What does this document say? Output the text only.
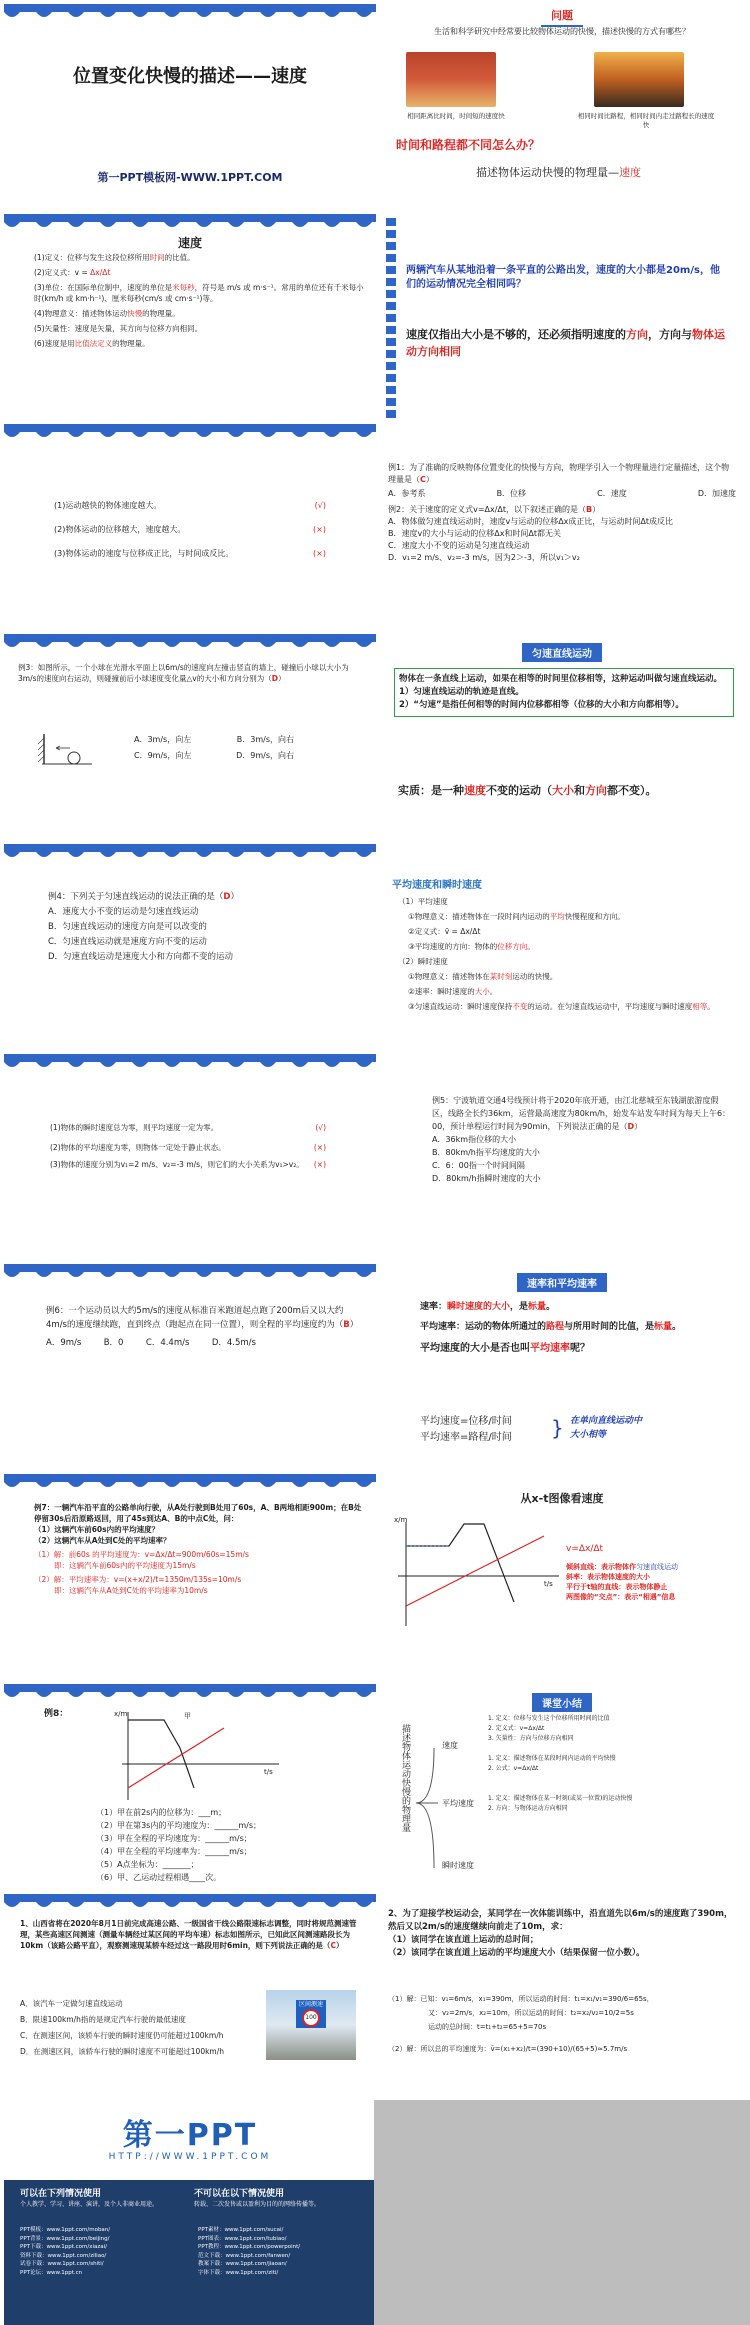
位置变化快慢的描述——速度
第一PPT模板网-WWW.1PPT.COM
问题
生活和科学研究中经常要比较物体运动的快慢，描述快慢的方式有哪些？
相同距离比时间，时间短的速度快	相同时间比路程，相同时间内走过路程长的速度快
时间和路程都不同怎么办？
描述物体运动快慢的物理量—速度
速度
(1)定义：位移与发生这段位移所用时间的比值。
(2)定义式：v = Δx/Δt
(3)单位：在国际单位制中，速度的单位是米每秒，符号是 m/s 或 m·s⁻¹。常用的单位还有千米每小时(km/h 或 km·h⁻¹)、厘米每秒(cm/s 或 cm·s⁻¹)等。
(4)物理意义：描述物体运动快慢的物理量。
(5)矢量性：速度是矢量，其方向与位移方向相同。
(6)速度是用比值法定义的物理量。
两辆汽车从某地沿着一条平直的公路出发，速度的大小都是20m/s，他们的运动情况完全相同吗？
速度仅指出大小是不够的，还必须指明速度的方向，方向与物体运动方向相同
(1)运动越快的物体速度越大。	(√)
(2)物体运动的位移越大，速度越大。	(×)
(3)物体运动的速度与位移成正比，与时间成反比。	(×)
例1：为了准确的反映物体位置变化的快慢与方向，物理学引入一个物理量进行定量描述，这个物理量是（C）
A．参考系	B．位移	C．速度	D．加速度
例2：关于速度的定义式v=Δx/Δt，以下叙述正确的是（B）
A．物体做匀速直线运动时，速度v与运动的位移Δx成正比，与运动时间Δt成反比
B．速度v的大小与运动的位移Δx和时间Δt都无关
C．速度大小不变的运动是匀速直线运动
D．v₁=2 m/s、v₂=-3 m/s，因为2＞-3，所以v₁＞v₂
例3：如图所示，一个小球在光滑水平面上以6m/s的速度向左撞击竖直的墙上，碰撞后小球以大小为3m/s的速度向右运动，则碰撞前后小球速度变化量△v的大小和方向分别为（D）
A．3m/s，向左	B．3m/s，向右
C．9m/s，向左	D．9m/s，向右
匀速直线运动
物体在一条直线上运动，如果在相等的时间里位移相等，这种运动叫做匀速直线运动。
1）匀速直线运动的轨迹是直线。
2）“匀速”是指任何相等的时间内位移都相等（位移的大小和方向都相等）。
实质：是一种速度不变的运动（大小和方向都不变）。
例4：下列关于匀速直线运动的说法正确的是（D）
A．速度大小不变的运动是匀速直线运动
B．匀速直线运动的速度方向是可以改变的
C．匀速直线运动就是速度方向不变的运动
D．匀速直线运动是速度大小和方向都不变的运动
平均速度和瞬时速度
（1）平均速度
①物理意义：描述物体在一段时间内运动的平均快慢程度和方向。
②定义式：v̄ = Δx/Δt
③平均速度的方向：物体的位移方向。
（2）瞬时速度
①物理意义：描述物体在某时刻运动的快慢。
②速率：瞬时速度的大小。
③匀速直线运动：瞬时速度保持不变的运动。在匀速直线运动中，平均速度与瞬时速度相等。
(1)物体的瞬时速度总为零，则平均速度一定为零。	(√)
(2)物体的平均速度为零，则物体一定处于静止状态。	(×)
(3)物体的速度分别为v₁=2 m/s、v₂=-3 m/s，则它们的大小关系为v₁>v₂。 (×)
例5：宁波轨道交通4号线预计将于2020年底开通，由江北慈城至东钱湖旅游度假区，线路全长约36km，运营最高速度为80km/h，始发车站发车时间为每天上午6：00，预计单程运行时间为90min，下列说法正确的是（D）
A．36km指位移的大小
B．80km/h指平均速度的大小
C．6：00指一个时间间隔
D．80km/h指瞬时速度的大小
例6：一个运动员以大约5m/s的速度从标准百米跑道起点跑了200m后又以大约4m/s的速度继续跑，直到终点（跑起点在同一位置），则全程的平均速度约为（B）
A．9m/s	B．0	C．4.4m/s	D．4.5m/s
速率和平均速率
速率：瞬时速度的大小，是标量。
平均速率：运动的物体所通过的路程与所用时间的比值，是标量。
平均速度的大小是否也叫平均速率呢？
平均速度=位移/时间
平均速率=路程/时间 } 在单向直线运动中
大小相等
例7：一辆汽车沿平直的公路单向行驶，从A处行驶到B处用了60s，A、B两地相距900m；在B处停留30s后沿原路返回，用了45s到达A、B的中点C处，问：
（1）这辆汽车前60s内的平均速度？
（2）这辆汽车从A处到C处的平均速率？
（1）解：前60s 的平均速度为：v=Δx/Δt=900m/60s=15m/s
即：这辆汽车前60s内的平均速度为15m/s
（2）解：平均速率为：v=(x+x/2)/t=1350m/135s=10m/s
即：这辆汽车从A处到C处的平均速率为10m/s
从x-t图像看速度
x/m
t/s
v=Δx/Δt
倾斜直线：表示物体作匀速直线运动
斜率：表示物体速度的大小
平行于t轴的直线：表示物体静止
两图像的“交点”：表示“相遇”信息
例8：	x/m
t/s
甲
（1）甲在前2s内的位移为：___m；
（2）甲在第3s内的平均速度为：______m/s；
（3）甲在全程的平均速度为：______m/s；
（4）甲在全程的平均速率为：______m/s；
（5）A点坐标为：_______；
（6）甲、乙运动过程相遇____次。
课堂小结
描述物体运动快慢的物理量	速度
平均速度
瞬时速度
1. 定义：位移与发生这个位移所用时间的比值
2. 定义式：v=Δx/Δt
3. 矢量性：方向与位移方向相同
1. 定义：描述物体在某段时间内运动的平均快慢
2. 公式：v=Δx/Δt
1. 定义：描述物体在某一时刻(或某一位置)的运动快慢
2. 方向：与物体运动方向相同
1、山西省将在2020年8月1日前完成高速公路、一级国省干线公路限速标志调整，同时将规范测速管理，某些高速区间测速（测量车辆经过某区间的平均车速）标志如图所示，已知此区间测速路段长为10km（该路公路平直），观察测速现某轿车经过这一路段用时6min，则下列说法正确的是（C）
A．该汽车一定做匀速直线运动
B．限速100km/h指的是规定汽车行驶的最低速度
C．在测速区间，该轿车行驶的瞬时速度仍可能超过100km/h
D．在测速区间，该轿车行驶的瞬时速度不可能超过100km/h
区间测速
100
2、为了迎接学校运动会，某同学在一次体能训练中，沿直道先以6m/s的速度跑了390m，然后又以2m/s的速度继续向前走了10m，求：
（1）该同学在该直道上运动的总时间；
（2）该同学在该直道上运动的平均速度大小（结果保留一位小数）。
（1）解：已知：v₁=6m/s，x₁=390m，所以运动的时间：t₁=x₁/v₁=390/6=65s，
又：v₂=2m/s，x₂=10m，所以运动的时间：t₂=x₂/v₂=10/2=5s
运动的总时间：t=t₁+t₂=65+5=70s
（2）解：所以总的平均速度为：v̄=(x₁+x₂)/t=(390+10)/(65+5)≈5.7m/s
第一PPT
HTTP://WWW.1PPT.COM
可以在下列情况使用	不可以在以下情况使用
个人教学、学习、讲座、演讲，及个人非商业用途。	转载、二次发售或以盈利为目的的网络传播等。
PPT模板：www.1ppt.com/moban/	PPT素材：www.1ppt.com/sucai/
PPT背景：www.1ppt.com/beijing/	PPT图表：www.1ppt.com/tubiao/
PPT下载：www.1ppt.com/xiazai/	PPT教程：www.1ppt.com/powerpoint/
资料下载：www.1ppt.com/ziliao/	范文下载：www.1ppt.com/fanwen/
试卷下载：www.1ppt.com/shiti/	教案下载：www.1ppt.com/jiaoan/
PPT论坛：www.1ppt.cn	字体下载：www.1ppt.com/ziti/
